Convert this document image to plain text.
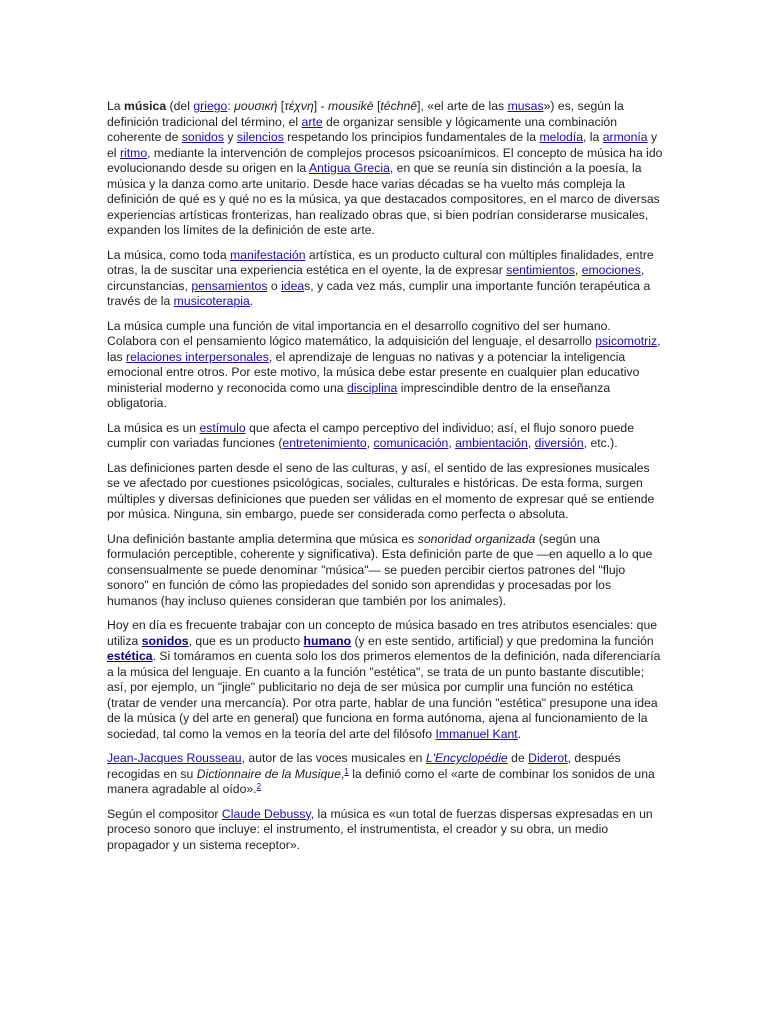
La música (del griego: μουσική [τέχνη] - mousikē [téchnē], «el arte de las musas») es, según la definición tradicional del término, el arte de organizar sensible y lógicamente una combinación coherente de sonidos y silencios respetando los principios fundamentales de la melodía, la armonía y el ritmo, mediante la intervención de complejos procesos psicoanímicos. El concepto de música ha ido evolucionando desde su origen en la Antigua Grecia, en que se reunía sin distinción a la poesía, la música y la danza como arte unitario. Desde hace varias décadas se ha vuelto más compleja la definición de qué es y qué no es la música, ya que destacados compositores, en el marco de diversas experiencias artísticas fronterizas, han realizado obras que, si bien podrían considerarse musicales, expanden los límites de la definición de este arte.

La música, como toda manifestación artística, es un producto cultural con múltiples finalidades, entre otras, la de suscitar una experiencia estética en el oyente, la de expresar sentimientos, emociones, circunstancias, pensamientos o ideas, y cada vez más, cumplir una importante función terapéutica a través de la musicoterapia.

La música cumple una función de vital importancia en el desarrollo cognitivo del ser humano. Colabora con el pensamiento lógico matemático, la adquisición del lenguaje, el desarrollo psicomotriz, las relaciones interpersonales, el aprendizaje de lenguas no nativas y a potenciar la inteligencia emocional entre otros. Por este motivo, la música debe estar presente en cualquier plan educativo ministerial moderno y reconocida como una disciplina imprescindible dentro de la enseñanza obligatoria.

La música es un estímulo que afecta el campo perceptivo del individuo; así, el flujo sonoro puede cumplir con variadas funciones (entretenimiento, comunicación, ambientación, diversión, etc.).

Las definiciones parten desde el seno de las culturas, y así, el sentido de las expresiones musicales se ve afectado por cuestiones psicológicas, sociales, culturales e históricas. De esta forma, surgen múltiples y diversas definiciones que pueden ser válidas en el momento de expresar qué se entiende por música. Ninguna, sin embargo, puede ser considerada como perfecta o absoluta.

Una definición bastante amplia determina que música es sonoridad organizada (según una formulación perceptible, coherente y significativa). Esta definición parte de que —en aquello a lo que consensualmente se puede denominar "música"— se pueden percibir ciertos patrones del "flujo sonoro" en función de cómo las propiedades del sonido son aprendidas y procesadas por los humanos (hay incluso quienes consideran que también por los animales).

Hoy en día es frecuente trabajar con un concepto de música basado en tres atributos esenciales: que utiliza sonidos, que es un producto humano (y en este sentido, artificial) y que predomina la función estética. Si tomáramos en cuenta solo los dos primeros elementos de la definición, nada diferenciaría a la música del lenguaje. En cuanto a la función "estética", se trata de un punto bastante discutible; así, por ejemplo, un "jingle" publicitario no deja de ser música por cumplir una función no estética (tratar de vender una mercancía). Por otra parte, hablar de una función "estética" presupone una idea de la música (y del arte en general) que funciona en forma autónoma, ajena al funcionamiento de la sociedad, tal como la vemos en la teoría del arte del filósofo Immanuel Kant.

Jean-Jacques Rousseau, autor de las voces musicales en L'Encyclopédie de Diderot, después recogidas en su Dictionnaire de la Musique,$^1$ la definió como el «arte de combinar los sonidos de una manera agradable al oído».$^2$

Según el compositor Claude Debussy, la música es «un total de fuerzas dispersas expresadas en un proceso sonoro que incluye: el instrumento, el instrumentista, el creador y su obra, un medio propagador y un sistema receptor».
